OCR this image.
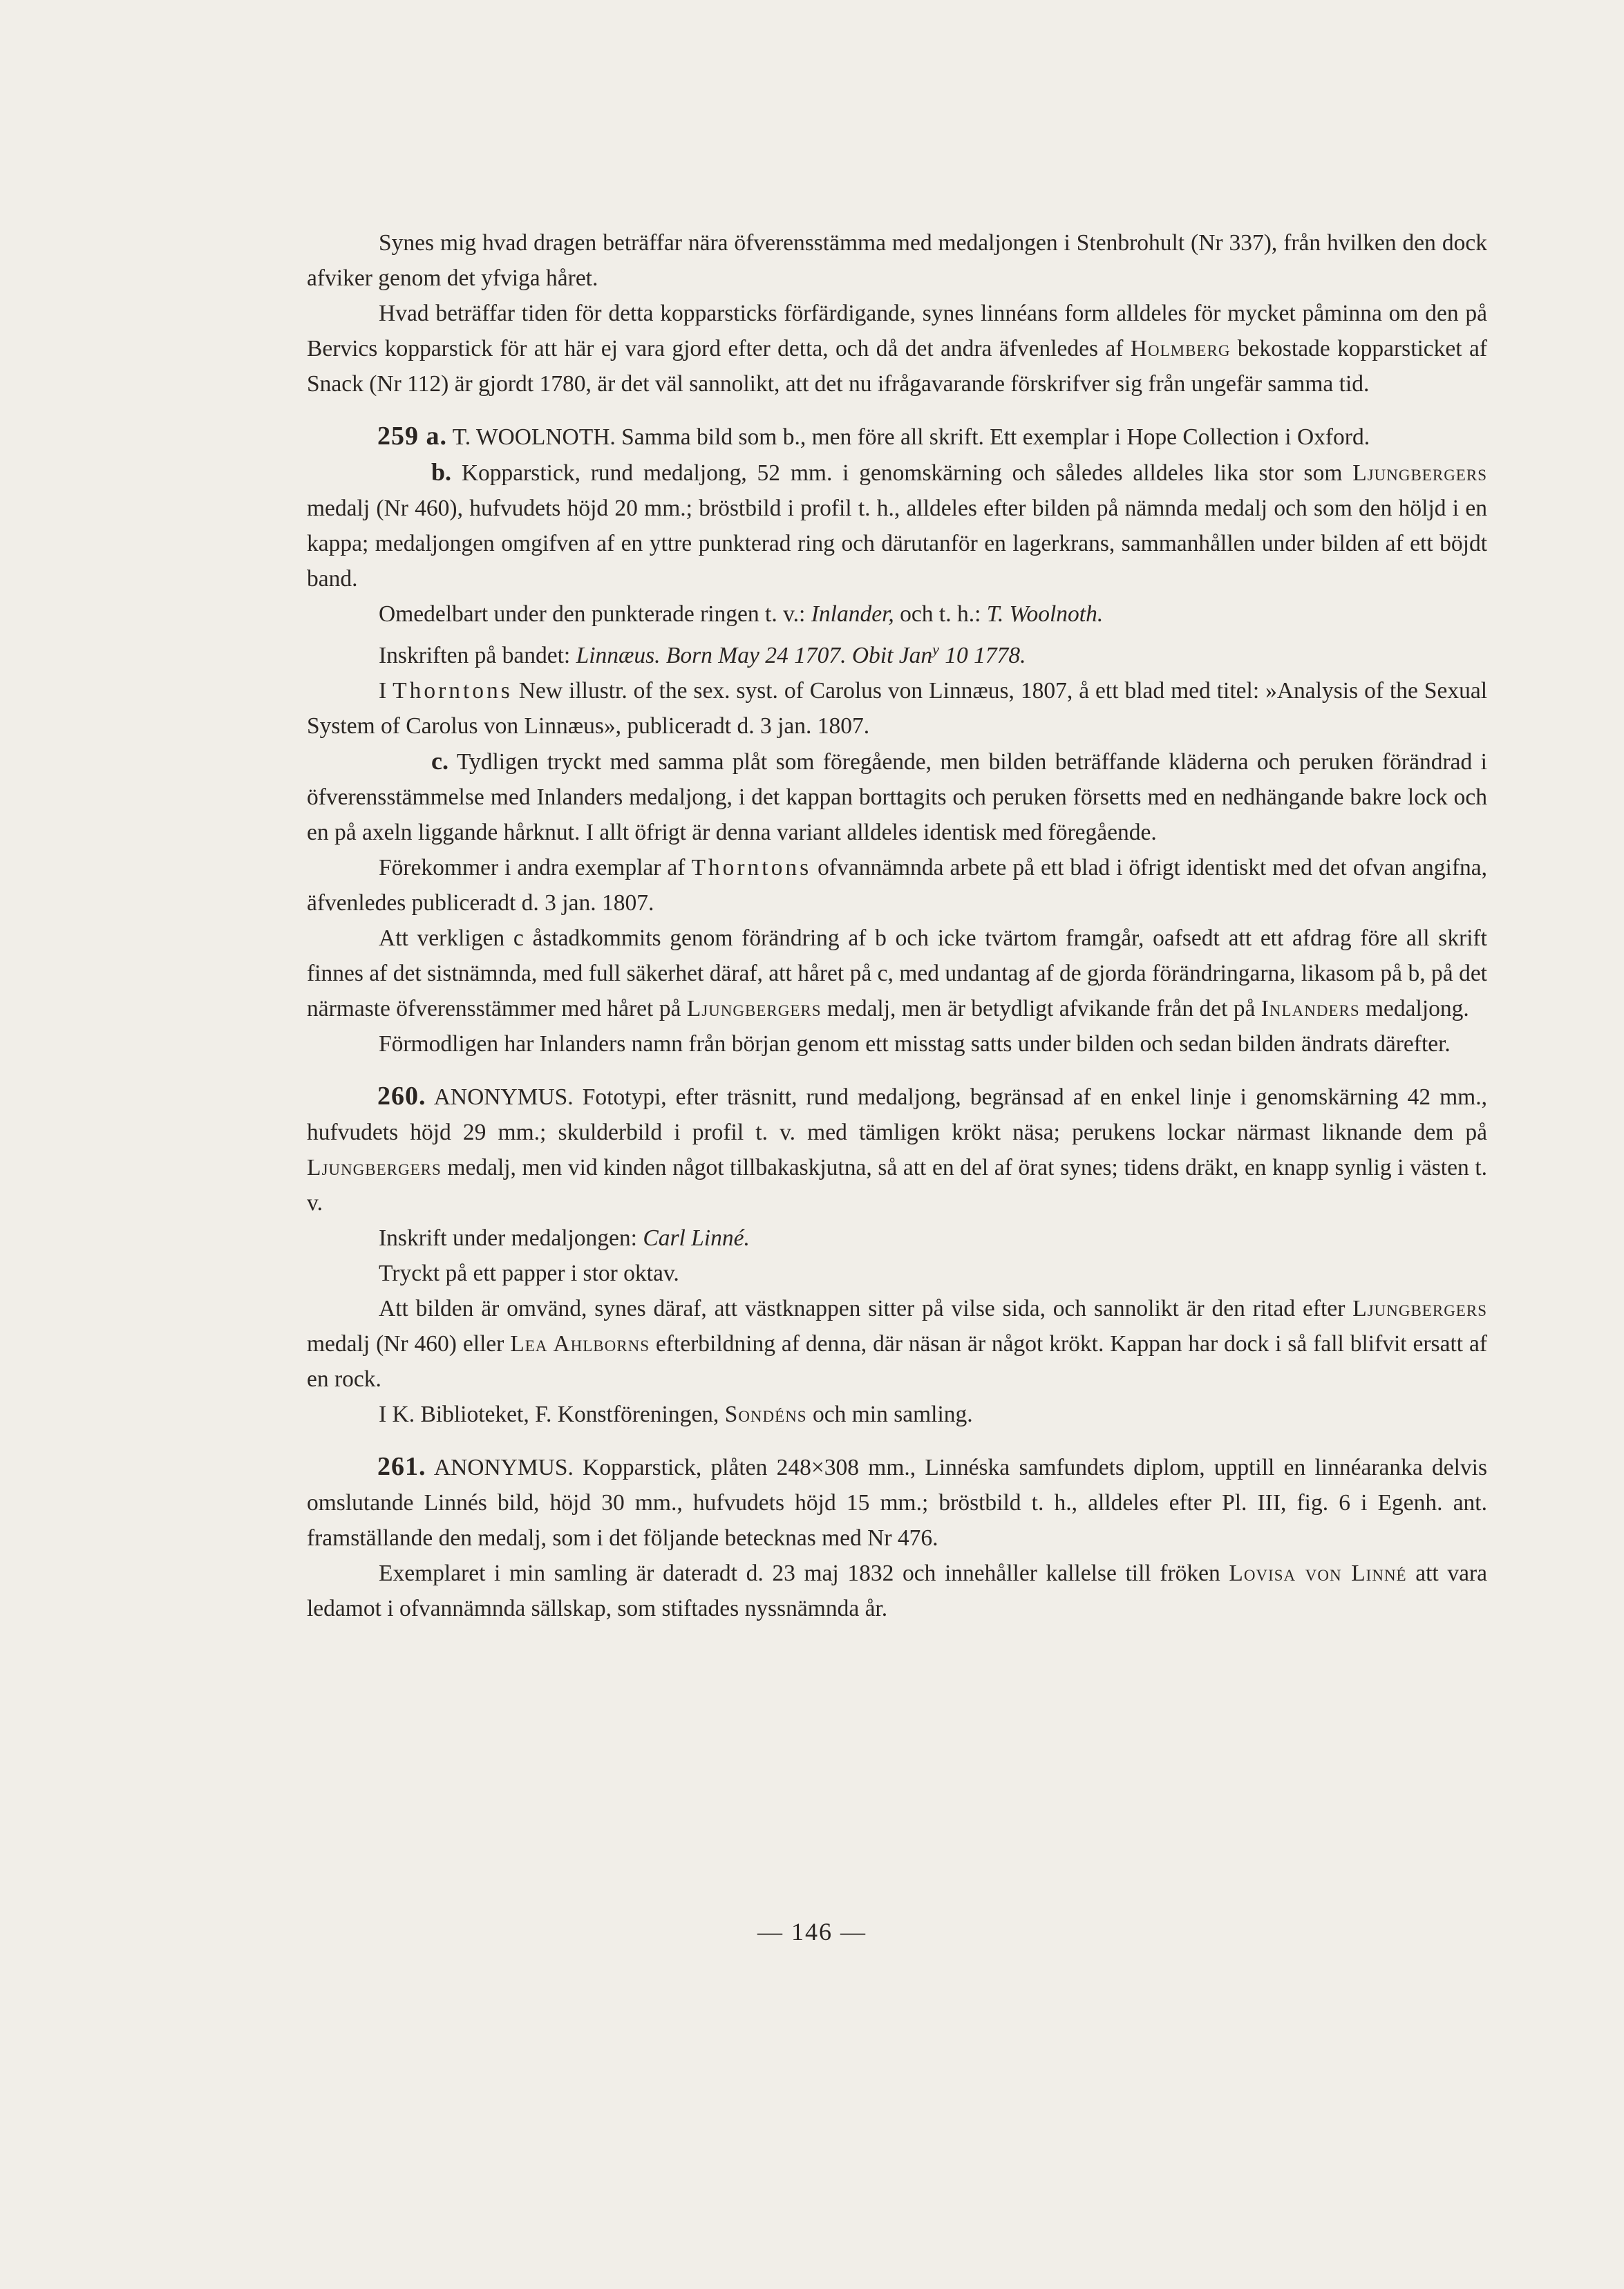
Synes mig hvad dragen beträffar nära öfverensstämma med medaljongen i Stenbrohult (Nr 337), från hvilken den dock afviker genom det yfviga håret.

Hvad beträffar tiden för detta kopparsticks förfärdigande, synes linnéans form alldeles för mycket påminna om den på Bervics kopparstick för att här ej vara gjord efter detta, och då det andra äfvenledes af Holmberg bekostade kopparsticket af Snack (Nr 112) är gjordt 1780, är det väl sannolikt, att det nu ifrågavarande förskrifver sig från ungefär samma tid.

259 a. T. WOOLNOTH. Samma bild som b., men före all skrift. Ett exemplar i Hope Collection i Oxford.

b. Kopparstick, rund medaljong, 52 mm. i genomskärning och således alldeles lika stor som Ljungbergers medalj (Nr 460), hufvudets höjd 20 mm.; bröstbild i profil t. h., alldeles efter bilden på nämnda medalj och som den höljd i en kappa; medaljongen omgifven af en yttre punkterad ring och därutanför en lagerkrans, sammanhållen under bilden af ett böjdt band.

Omedelbart under den punkterade ringen t. v.: Inlander, och t. h.: T. Woolnoth.

Inskriften på bandet: Linnæus. Born May 24 1707. Obit Jan$^y$ 10 1778.

I Thorntons New illustr. of the sex. syst. of Carolus von Linnæus, 1807, å ett blad med titel: »Analysis of the Sexual System of Carolus von Linnæus», publiceradt d. 3 jan. 1807.

c. Tydligen tryckt med samma plåt som föregående, men bilden beträffande kläderna och peruken förändrad i öfverensstämmelse med Inlanders medaljong, i det kappan borttagits och peruken försetts med en nedhängande bakre lock och en på axeln liggande hårknut. I allt öfrigt är denna variant alldeles identisk med föregående.

Förekommer i andra exemplar af Thorntons ofvannämnda arbete på ett blad i öfrigt identiskt med det ofvan angifna, äfvenledes publiceradt d. 3 jan. 1807.

Att verkligen c åstadkommits genom förändring af b och icke tvärtom framgår, oafsedt att ett afdrag före all skrift finnes af det sistnämnda, med full säkerhet däraf, att håret på c, med undantag af de gjorda förändringarna, likasom på b, på det närmaste öfverensstämmer med håret på Ljungbergers medalj, men är betydligt afvikande från det på Inlanders medaljong.

Förmodligen har Inlanders namn från början genom ett misstag satts under bilden och sedan bilden ändrats därefter.

260. ANONYMUS. Fototypi, efter träsnitt, rund medaljong, begränsad af en enkel linje i genomskärning 42 mm., hufvudets höjd 29 mm.; skulderbild i profil t. v. med tämligen krökt näsa; perukens lockar närmast liknande dem på Ljungbergers medalj, men vid kinden något tillbakaskjutna, så att en del af örat synes; tidens dräkt, en knapp synlig i västen t. v.

Inskrift under medaljongen: Carl Linné.

Tryckt på ett papper i stor oktav.

Att bilden är omvänd, synes däraf, att västknappen sitter på vilse sida, och sannolikt är den ritad efter Ljungbergers medalj (Nr 460) eller Lea Ahlborns efterbildning af denna, där näsan är något krökt. Kappan har dock i så fall blifvit ersatt af en rock.

I K. Biblioteket, F. Konstföreningen, Sondéns och min samling.

261. ANONYMUS. Kopparstick, plåten 248×308 mm., Linnéska samfundets diplom, upptill en linnéaranka delvis omslutande Linnés bild, höjd 30 mm., hufvudets höjd 15 mm.; bröstbild t. h., alldeles efter Pl. III, fig. 6 i Egenh. ant. framställande den medalj, som i det följande betecknas med Nr 476.

Exemplaret i min samling är dateradt d. 23 maj 1832 och innehåller kallelse till fröken Lovisa von Linné att vara ledamot i ofvannämnda sällskap, som stiftades nyssnämnda år.

— 146 —
